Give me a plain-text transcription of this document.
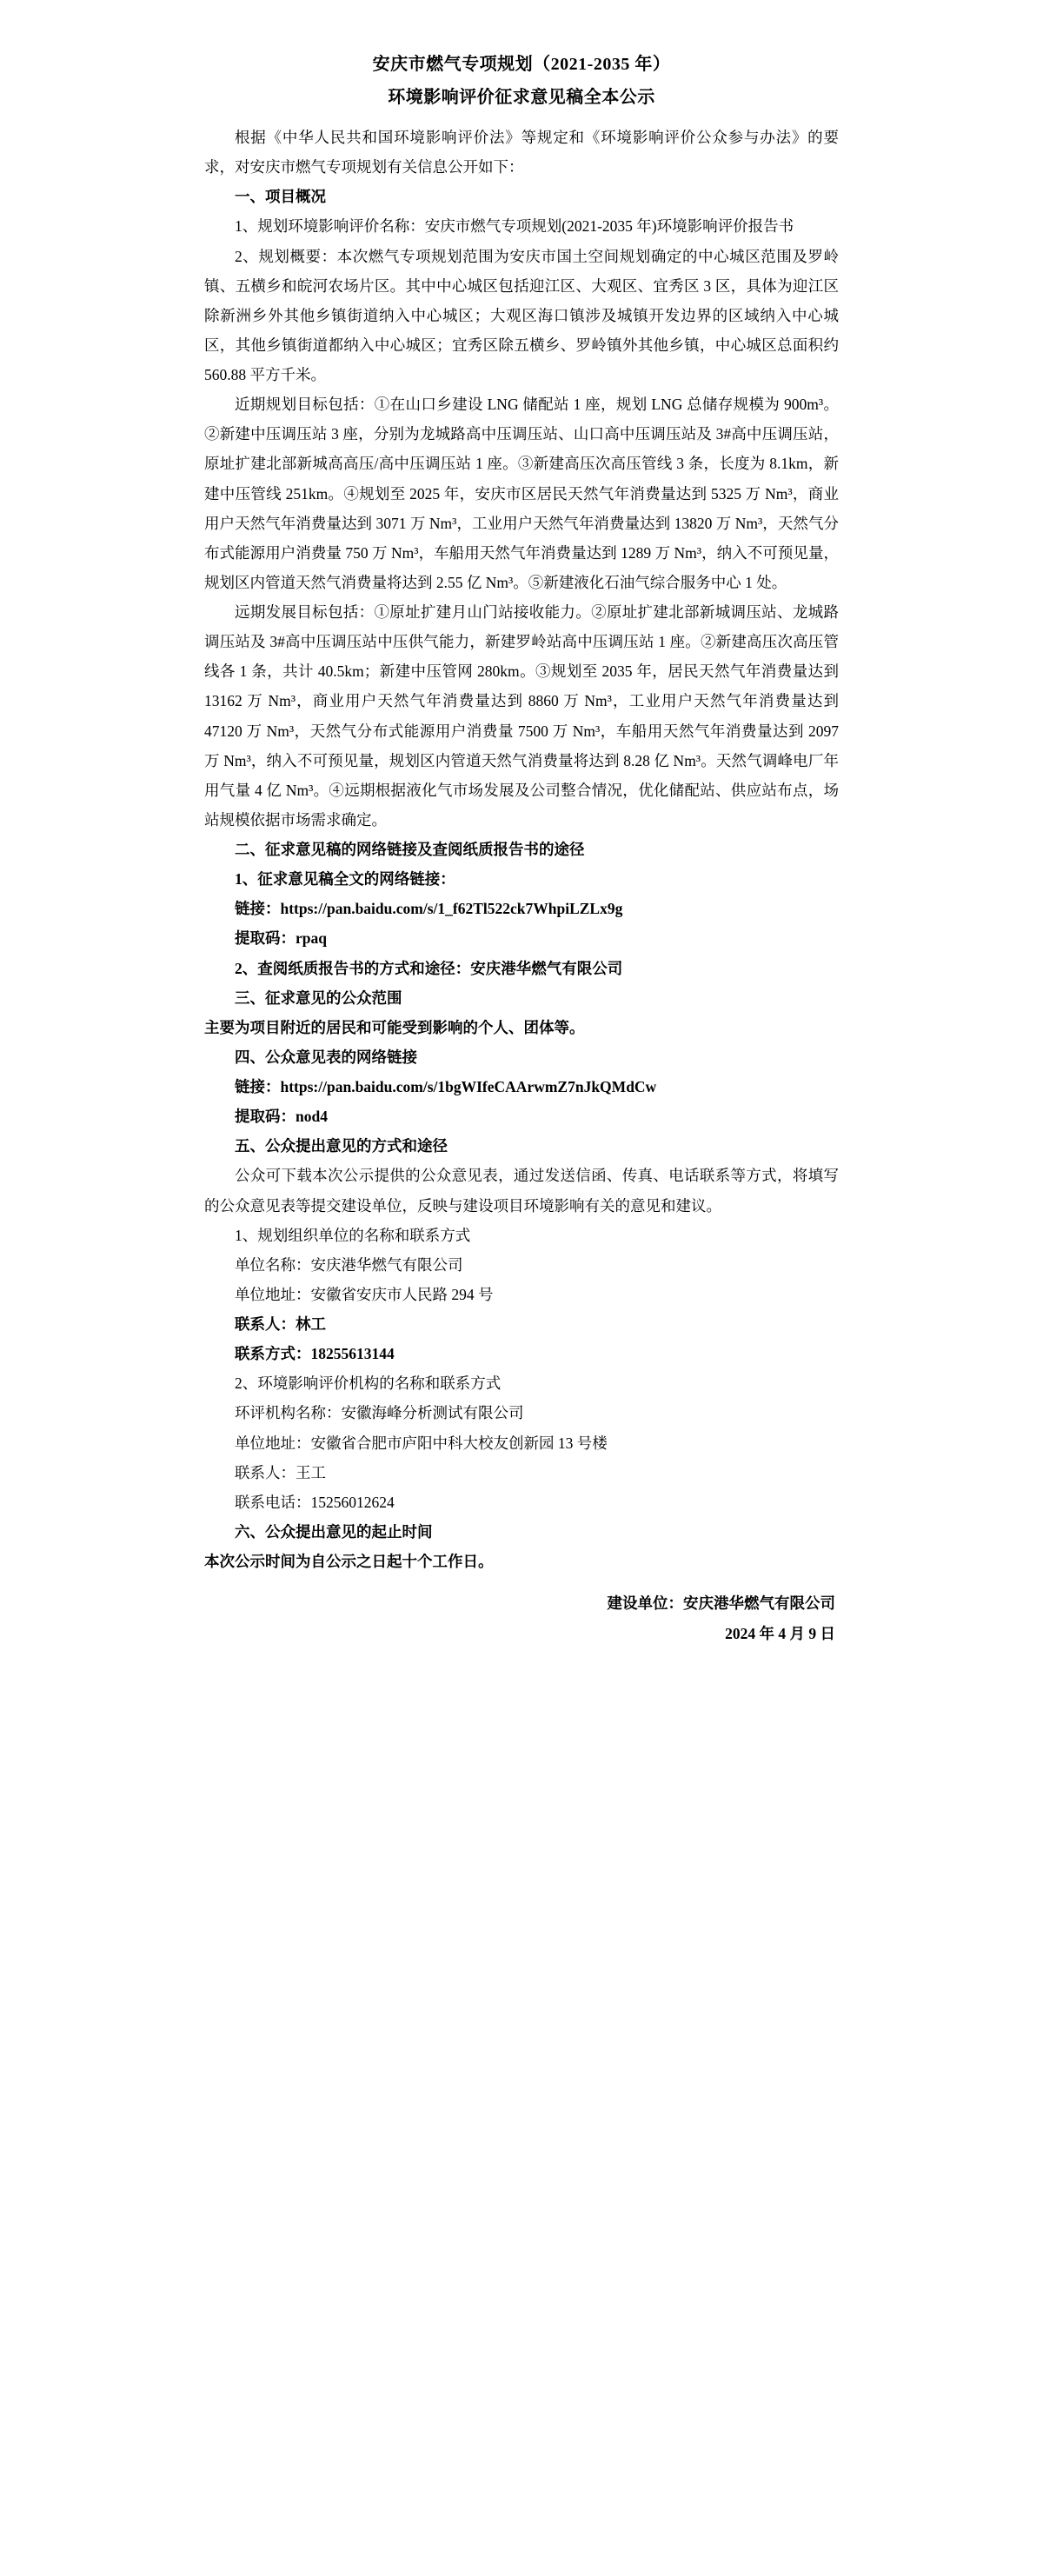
安庆市燃气专项规划（2021-2035 年）
环境影响评价征求意见稿全本公示

根据《中华人民共和国环境影响评价法》等规定和《环境影响评价公众参与办法》的要求，对安庆市燃气专项规划有关信息公开如下：

一、项目概况

1、规划环境影响评价名称：安庆市燃气专项规划(2021-2035 年)环境影响评价报告书

2、规划概要：本次燃气专项规划范围为安庆市国土空间规划确定的中心城区范围及罗岭镇、五横乡和皖河农场片区。其中中心城区包括迎江区、大观区、宜秀区 3 区，具体为迎江区除新洲乡外其他乡镇街道纳入中心城区；大观区海口镇涉及城镇开发边界的区域纳入中心城区，其他乡镇街道都纳入中心城区；宜秀区除五横乡、罗岭镇外其他乡镇，中心城区总面积约 560.88 平方千米。

近期规划目标包括：①在山口乡建设 LNG 储配站 1 座，规划 LNG 总储存规模为 900m³。②新建中压调压站 3 座，分别为龙城路高中压调压站、山口高中压调压站及 3#高中压调压站，原址扩建北部新城高高压/高中压调压站 1 座。③新建高压次高压管线 3 条，长度为 8.1km，新建中压管线 251km。④规划至 2025 年，安庆市区居民天然气年消费量达到 5325 万 Nm³，商业用户天然气年消费量达到 3071 万 Nm³，工业用户天然气年消费量达到 13820 万 Nm³，天然气分布式能源用户消费量 750 万 Nm³，车船用天然气年消费量达到 1289 万 Nm³，纳入不可预见量，规划区内管道天然气消费量将达到 2.55 亿 Nm³。⑤新建液化石油气综合服务中心 1 处。

远期发展目标包括：①原址扩建月山门站接收能力。②原址扩建北部新城调压站、龙城路调压站及 3#高中压调压站中压供气能力，新建罗岭站高中压调压站 1 座。②新建高压次高压管线各 1 条，共计 40.5km；新建中压管网 280km。③规划至 2035 年，居民天然气年消费量达到 13162 万 Nm³，商业用户天然气年消费量达到 8860 万 Nm³，工业用户天然气年消费量达到 47120 万 Nm³，天然气分布式能源用户消费量 7500 万 Nm³，车船用天然气年消费量达到 2097 万 Nm³，纳入不可预见量，规划区内管道天然气消费量将达到 8.28 亿 Nm³。天然气调峰电厂年用气量 4 亿 Nm³。④远期根据液化气市场发展及公司整合情况，优化储配站、供应站布点，场站规模依据市场需求确定。

二、征求意见稿的网络链接及查阅纸质报告书的途径

1、征求意见稿全文的网络链接：

链接：https://pan.baidu.com/s/1_f62Tl522ck7WhpiLZLx9g

提取码：rpaq

2、查阅纸质报告书的方式和途径：安庆港华燃气有限公司

三、征求意见的公众范围

主要为项目附近的居民和可能受到影响的个人、团体等。

四、公众意见表的网络链接

链接：https://pan.baidu.com/s/1bgWIfeCAArwmZ7nJkQMdCw

提取码：nod4

五、公众提出意见的方式和途径

公众可下载本次公示提供的公众意见表，通过发送信函、传真、电话联系等方式，将填写的公众意见表等提交建设单位，反映与建设项目环境影响有关的意见和建议。

1、规划组织单位的名称和联系方式

单位名称：安庆港华燃气有限公司

单位地址：安徽省安庆市人民路 294 号

联系人：林工

联系方式：18255613144

2、环境影响评价机构的名称和联系方式

环评机构名称：安徽海峰分析测试有限公司

单位地址：安徽省合肥市庐阳中科大校友创新园 13 号楼

联系人：王工

联系电话：15256012624

六、公众提出意见的起止时间

本次公示时间为自公示之日起十个工作日。

建设单位：安庆港华燃气有限公司

2024 年 4 月 9 日
